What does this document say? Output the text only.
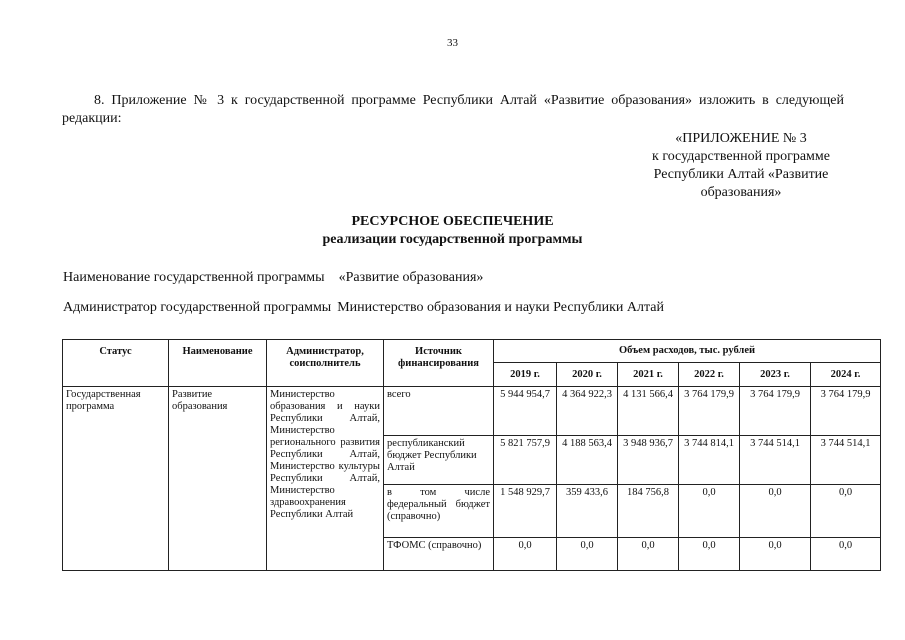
33
8. Приложение № 3 к государственной программе Республики Алтай «Развитие образования» изложить в следующей редакции:
«ПРИЛОЖЕНИЕ № 3
к государственной программе
Республики Алтай «Развитие
образования»
РЕСУРСНОЕ ОБЕСПЕЧЕНИЕ
реализации государственной программы
Наименование государственной программы «Развитие образования»
Администратор государственной программы Министерство образования и науки Республики Алтай
Статус	Наименование	Администратор, соисполнитель	Источник финансирования	Объем расходов, тыс. рублей					
				2019 г.	2020 г.	2021 г.	2022 г.	2023 г.	2024 г.
Государственная программа	Развитие образования	Министерство образования и науки Республики Алтай, Министерство регионального развития Республики Алтай, Министерство культуры Республики Алтай, Министерство здравоохранения Республики Алтай	всего	5 944 954,7	4 364 922,3	4 131 566,4	3 764 179,9	3 764 179,9	3 764 179,9
			республиканский бюджет Республики Алтай	5 821 757,9	4 188 563,4	3 948 936,7	3 744 814,1	3 744 514,1	3 744 514,1
			в том числе федеральный бюджет (справочно)	1 548 929,7	359 433,6	184 756,8	0,0	0,0	0,0
			ТФОМС (справочно)	0,0	0,0	0,0	0,0	0,0	0,0
